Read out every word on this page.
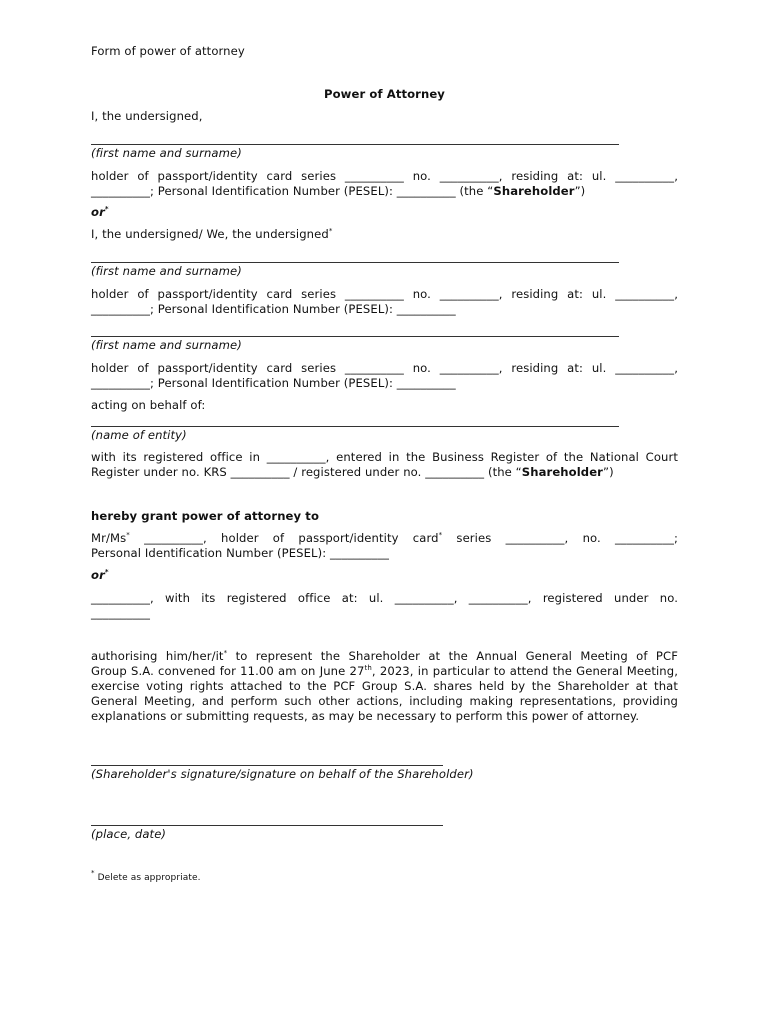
Form of power of attorney
Power of Attorney
I, the undersigned,
(first name and surname)
holder of passport/identity card series __________ no. __________, residing at: ul. __________,
__________; Personal Identification Number (PESEL): __________ (the “Shareholder”)
or*
I, the undersigned/ We, the undersigned*
(first name and surname)
holder of passport/identity card series __________ no. __________, residing at: ul. __________,
__________; Personal Identification Number (PESEL): __________
(first name and surname)
holder of passport/identity card series __________ no. __________, residing at: ul. __________,
__________; Personal Identification Number (PESEL): __________
acting on behalf of:
(name of entity)
with its registered office in __________, entered in the Business Register of the National Court
Register under no. KRS __________ / registered under no. __________ (the “Shareholder”)
hereby grant power of attorney to
Mr/Ms* __________, holder of passport/identity card* series __________, no. __________;
Personal Identification Number (PESEL): __________
or*
__________, with its registered office at: ul. __________, __________, registered under no.
__________
authorising him/her/it* to represent the Shareholder at the Annual General Meeting of PCF
Group S.A. convened for 11.00 am on June 27th, 2023, in particular to attend the General Meeting,
exercise voting rights attached to the PCF Group S.A. shares held by the Shareholder at that
General Meeting, and perform such other actions, including making representations, providing
explanations or submitting requests, as may be necessary to perform this power of attorney.
(Shareholder's signature/signature on behalf of the Shareholder)
(place, date)
* Delete as appropriate.
